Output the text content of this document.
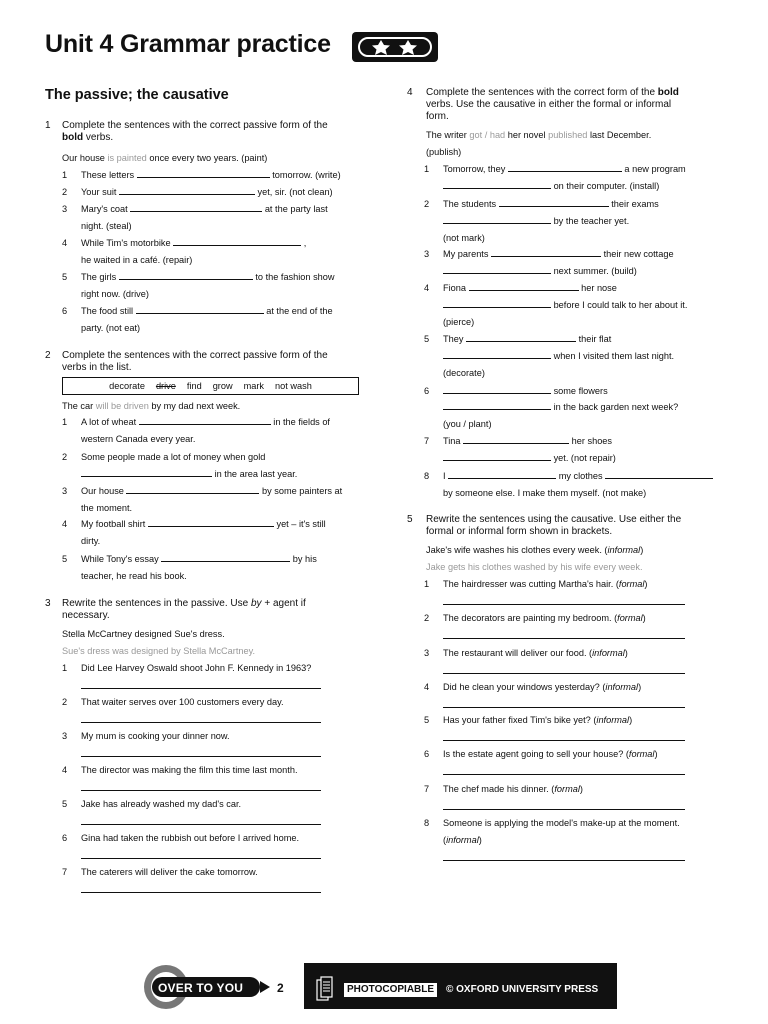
Unit 4 Grammar practice
The passive; the causative
1 Complete the sentences with the correct passive form of the
bold verbs.
Our house is painted once every two years. (paint)
1 These letters	tomorrow. (write)
2 Your suit	yet, sir. (not clean)
3 Mary's coat	at the party last
night. (steal)
4 While Tim's motorbike	,
he waited in a café. (repair)
5 The girls	to the fashion show
right now. (drive)
6 The food still	at the end of the
party. (not eat)
2 Complete the sentences with the correct passive form of the
verbs in the list.
decorate drive find grow mark not wash
The car will be driven by my dad next week.
1 A lot of wheat	in the fields of
western Canada every year.
2 Some people made a lot of money when gold
in the area last year.
3 Our house	by some painters at
the moment.
4 My football shirt	yet – it's still
dirty.
5 While Tony's essay	by his
teacher, he read his book.
3 Rewrite the sentences in the passive. Use by + agent if
necessary.
Stella McCartney designed Sue's dress.
Sue's dress was designed by Stella McCartney.
1 Did Lee Harvey Oswald shoot John F. Kennedy in 1963?
2 That waiter serves over 100 customers every day.
3 My mum is cooking your dinner now.
4 The director was making the film this time last month.
5 Jake has already washed my dad's car.
6 Gina had taken the rubbish out before I arrived home.
7 The caterers will deliver the cake tomorrow.
4 Complete the sentences with the correct form of the bold
verbs. Use the causative in either the formal or informal
form.
The writer got / had her novel published last December.
(publish)
1 Tomorrow, they	a new program
on their computer. (install)
2 The students	their exams
by the teacher yet.
(not mark)
3 My parents	their new cottage
next summer. (build)
4 Fiona	her nose
before I could talk to her about it.
(pierce)
5 They	their flat
when I visited them last night.
(decorate)
6	some flowers
in the back garden next week?
(you / plant)
7 Tina	her shoes
yet. (not repair)
8 I	my clothes
by someone else. I make them myself. (not make)
5 Rewrite the sentences using the causative. Use either the
formal or informal form shown in brackets.
Jake's wife washes his clothes every week. (informal)
Jake gets his clothes washed by his wife every week.
1 The hairdresser was cutting Martha's hair. (formal)
2 The decorators are painting my bedroom. (formal)
3 The restaurant will deliver our food. (informal)
4 Did he clean your windows yesterday? (informal)
5 Has your father fixed Tim's bike yet? (informal)
6 Is the estate agent going to sell your house? (formal)
7 The chef made his dinner. (formal)
8 Someone is applying the model's make-up at the moment.
(informal)
OVER TO YOU	2	PHOTOCOPIABLE	© OXFORD UNIVERSITY PRESS
